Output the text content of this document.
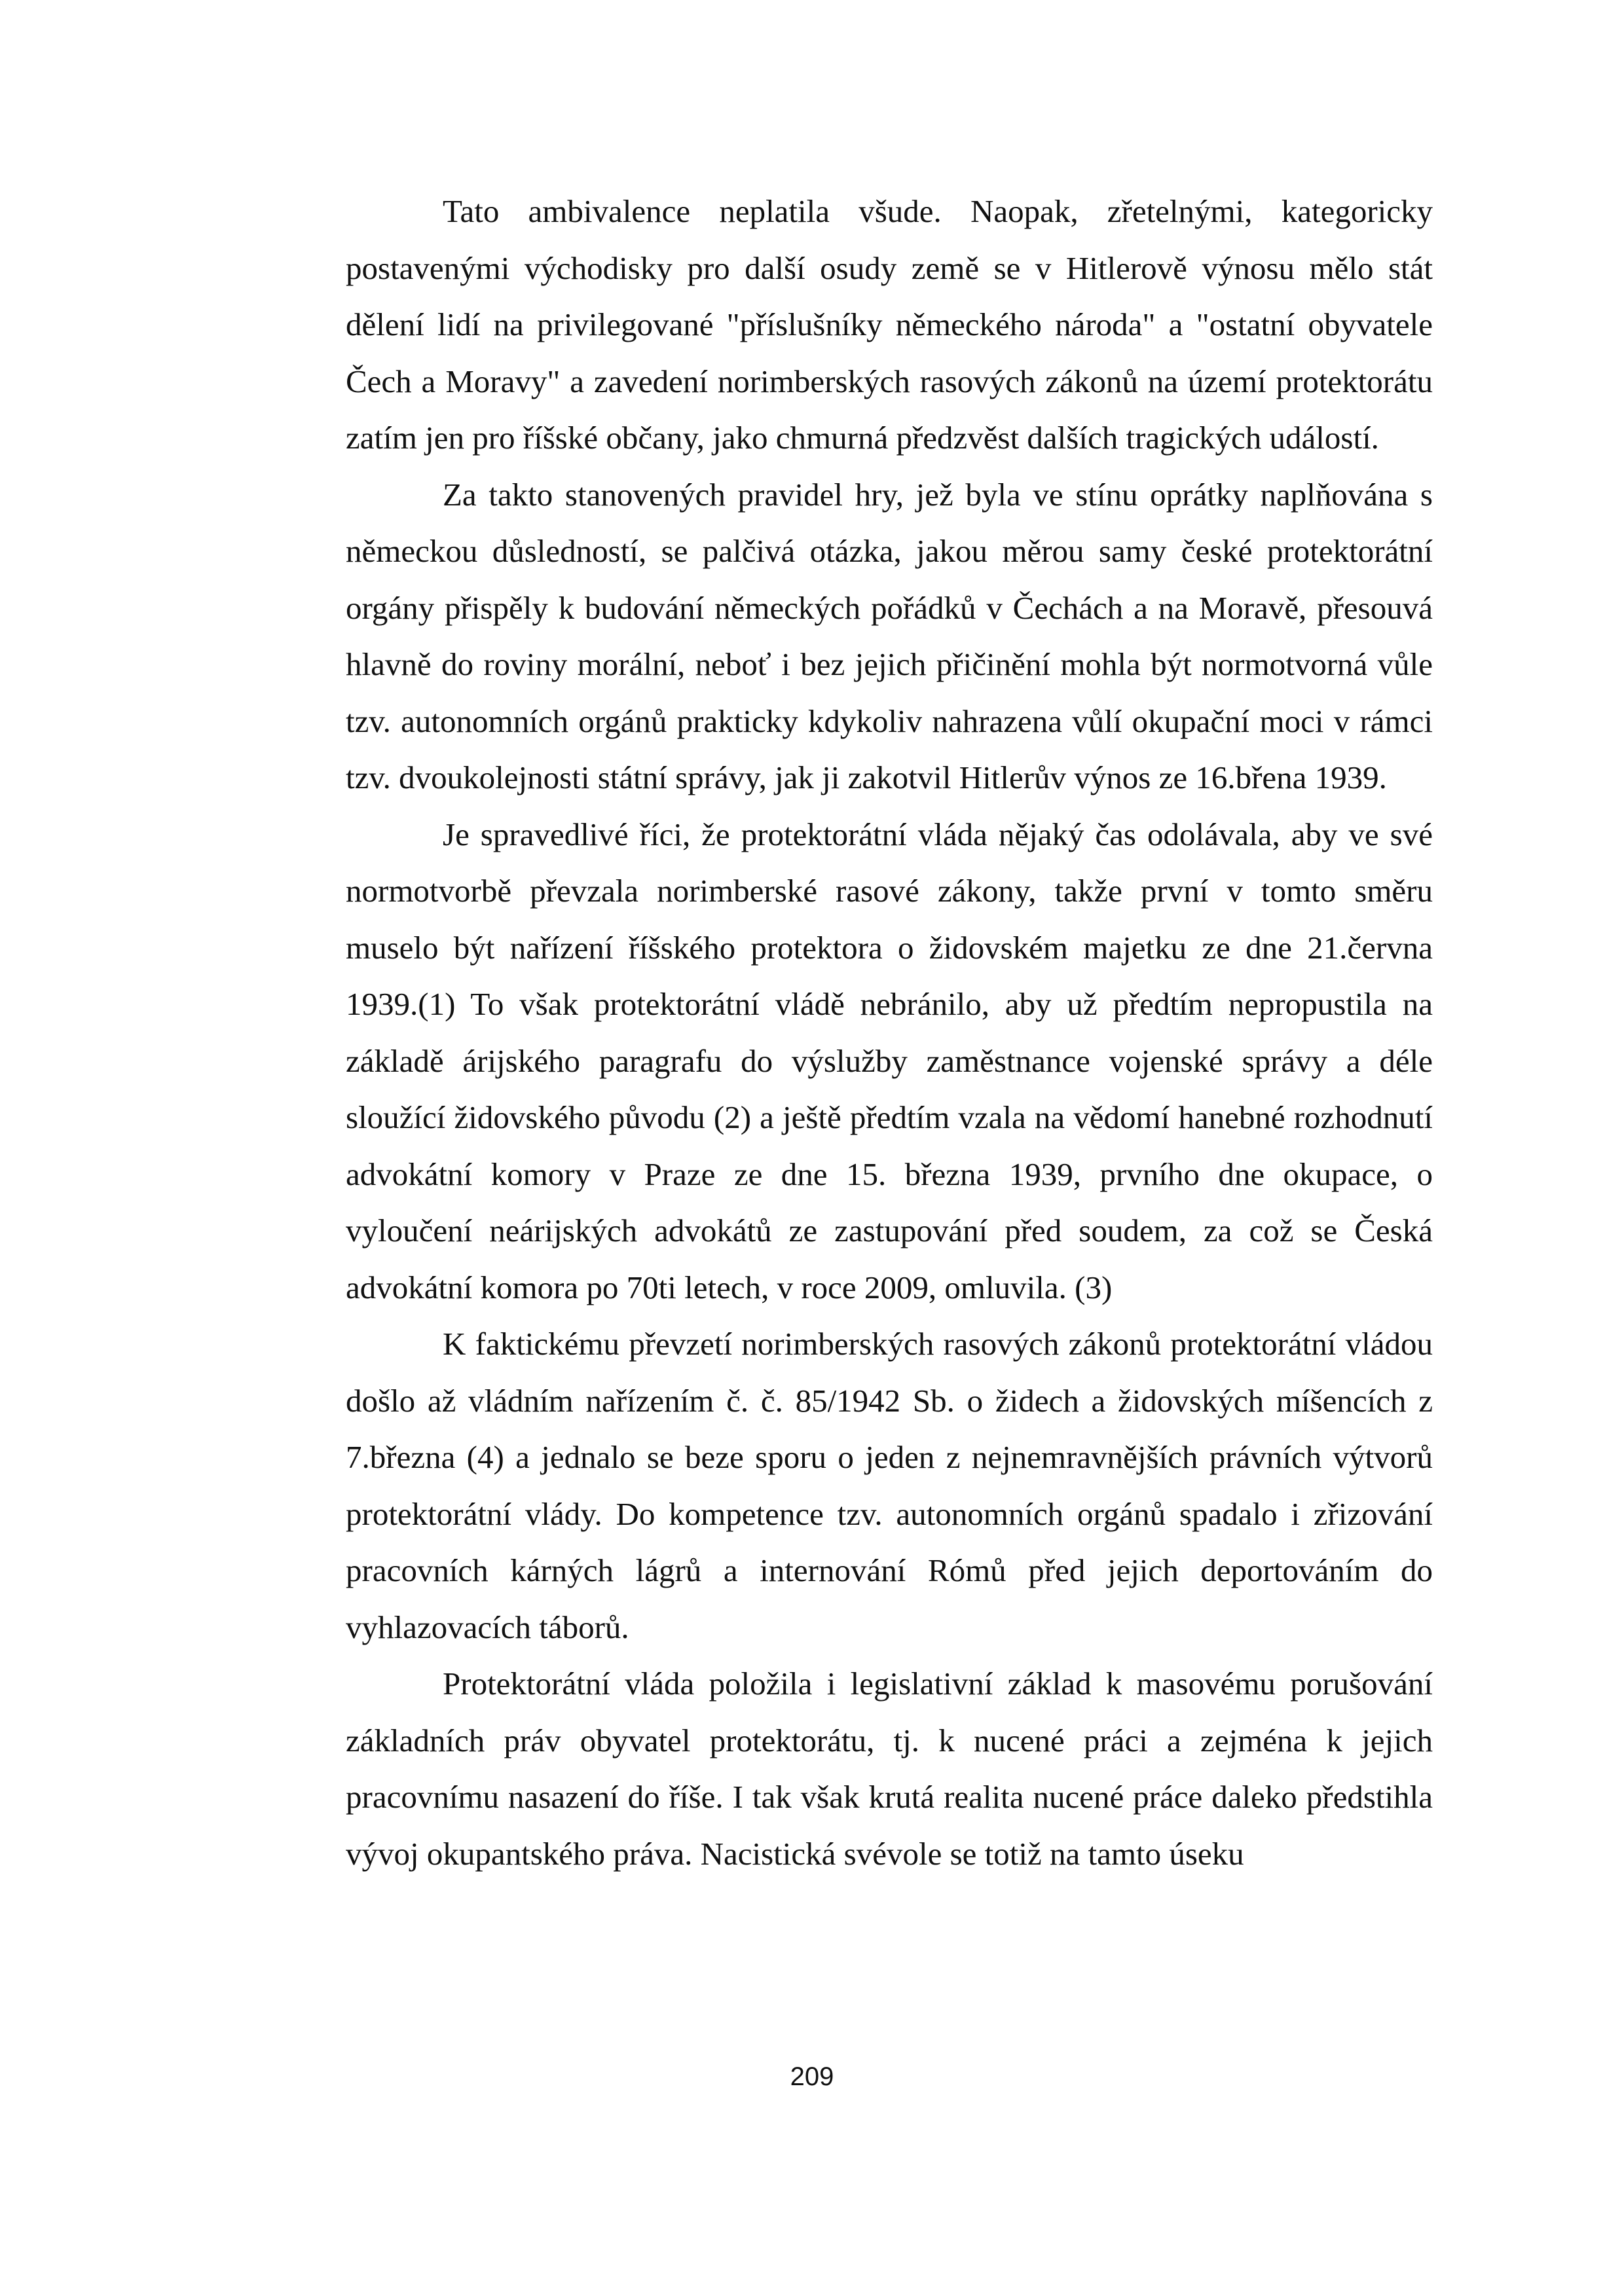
Tato ambivalence neplatila všude. Naopak, zřetelnými, kategoricky postavenými východisky pro další osudy země se v Hitlerově výnosu mělo stát dělení lidí na privilegované "příslušníky německého národa" a "ostatní obyvatele Čech a Moravy" a zavedení norimberských rasových zákonů na území protektorátu zatím jen pro říšské občany, jako chmurná předzvěst dalších tragických událostí.

Za takto stanovených pravidel hry, jež byla ve stínu oprátky naplňována s německou důsledností, se palčivá otázka, jakou měrou samy české protektorátní orgány přispěly k budování německých pořádků v Čechách a na Moravě, přesouvá hlavně do roviny morální, neboť i bez jejich přičinění mohla být normotvorná vůle tzv. autonomních orgánů prakticky kdykoliv nahrazena vůlí okupační moci v rámci tzv. dvoukolejnosti státní správy, jak ji zakotvil Hitlerův výnos ze 16.břena 1939.

Je spravedlivé říci, že protektorátní vláda nějaký čas odolávala, aby ve své normotvorbě převzala norimberské rasové zákony, takže první v tomto směru muselo být nařízení říšského protektora o židovském majetku ze dne 21.června 1939.(1) To však protektorátní vládě nebránilo, aby už předtím nepropustila na základě árijského paragrafu do výslužby zaměstnance vojenské správy a déle sloužící židovského původu (2) a ještě předtím vzala na vědomí hanebné rozhodnutí advokátní komory v Praze ze dne 15. března 1939, prvního dne okupace, o vyloučení neárijských advokátů ze zastupování před soudem, za což se Česká advokátní komora po 70ti letech, v roce 2009, omluvila. (3)

K faktickému převzetí norimberských rasových zákonů protektorátní vládou došlo až vládním nařízením č. č. 85/1942 Sb. o židech a židovských míšencích z 7.března (4) a jednalo se beze sporu o jeden z nejnemravnějších právních výtvorů protektorátní vlády. Do kompetence tzv. autonomních orgánů spadalo i zřizování pracovních kárných lágrů a internování Rómů před jejich deportováním do vyhlazovacích táborů.

Protektorátní vláda položila i legislativní základ k masovému porušování základních práv obyvatel protektorátu, tj. k nucené práci a zejména k jejich pracovnímu nasazení do říše. I tak však krutá realita nucené práce daleko předstihla vývoj okupantského práva. Nacistická svévole se totiž na tamto úseku

209
